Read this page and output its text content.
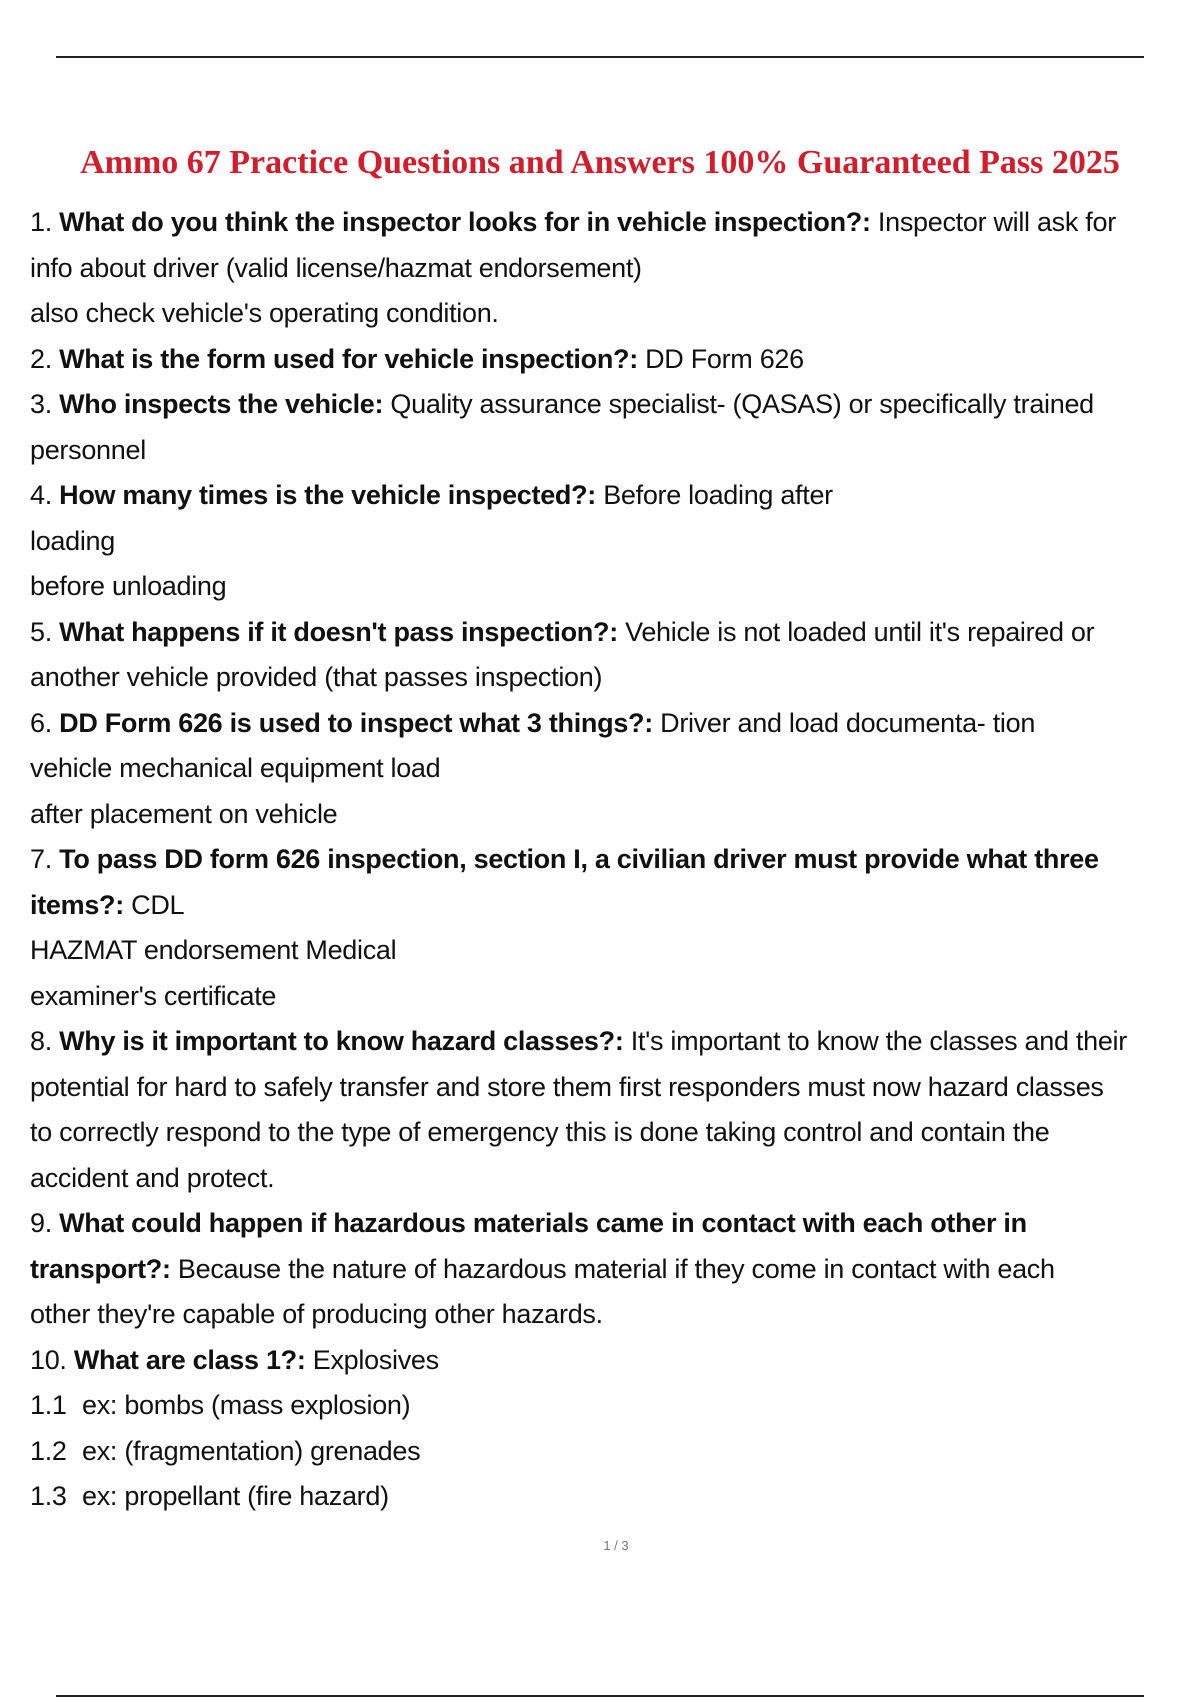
Ammo 67 Practice Questions and Answers 100% Guaranteed Pass 2025
1. What do you think the inspector looks for in vehicle inspection?: Inspector will ask for
info about driver (valid license/hazmat endorsement)
also check vehicle's operating condition.
2. What is the form used for vehicle inspection?: DD Form 626
3. Who inspects the vehicle: Quality assurance specialist- (QASAS) or specifically trained
personnel
4. How many times is the vehicle inspected?: Before loading after
loading
before unloading
5. What happens if it doesn't pass inspection?: Vehicle is not loaded until it's repaired or
another vehicle provided (that passes inspection)
6. DD Form 626 is used to inspect what 3 things?: Driver and load documenta- tion
vehicle mechanical equipment load
after placement on vehicle
7. To pass DD form 626 inspection, section I, a civilian driver must provide what three
items?: CDL
HAZMAT endorsement Medical
examiner's certificate
8. Why is it important to know hazard classes?: It's important to know the classes and their
potential for hard to safely transfer and store them first responders must now hazard classes
to correctly respond to the type of emergency this is done taking control and contain the
accident and protect.
9. What could happen if hazardous materials came in contact with each other in
transport?: Because the nature of hazardous material if they come in contact with each
other they're capable of producing other hazards.
10. What are class 1?: Explosives
1.1 ex: bombs (mass explosion)
1.2 ex: (fragmentation) grenades
1.3 ex: propellant (fire hazard)
1 / 3
